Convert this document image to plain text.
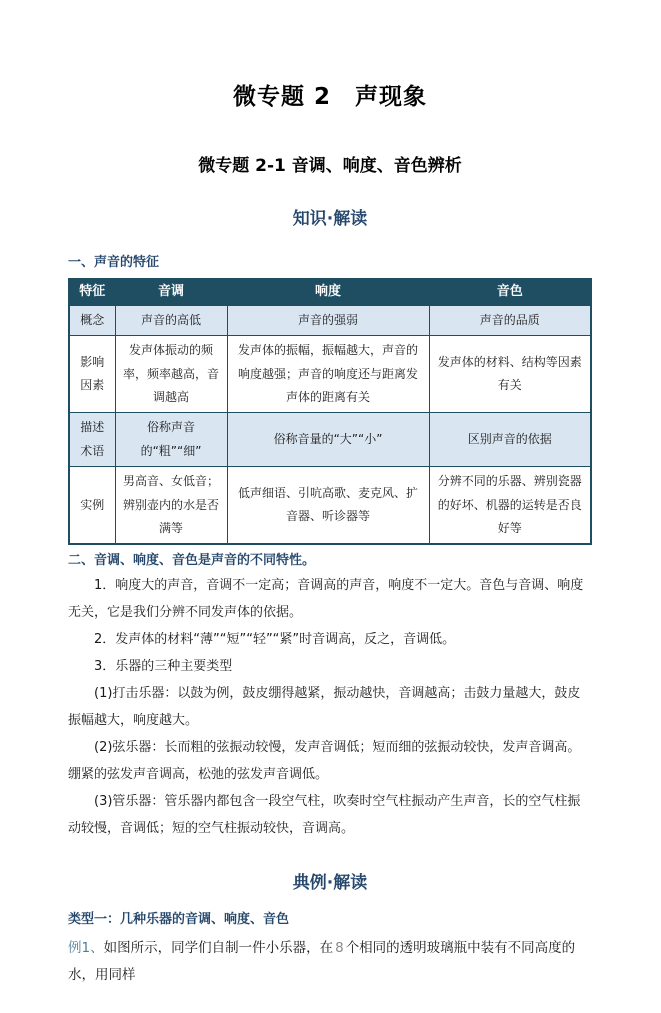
微专题 2　声现象
微专题 2-1 音调、响度、音色辨析
知识·解读
一、声音的特征
特征	音调	响度	音色
概念	声音的高低	声音的强弱	声音的品质
影响因素	发声体振动的频率，频率越高，音调越高	发声体的振幅，振幅越大，声音的响度越强；声音的响度还与距离发声体的距离有关	发声体的材料、结构等因素有关
描述术语	俗称声音的“粗”“细”	俗称音量的“大”“小”	区别声音的依据
实例	男高音、女低音；辨别壶内的水是否满等	低声细语、引吭高歌、麦克风、扩音器、听诊器等	分辨不同的乐器、辨别瓷器的好坏、机器的运转是否良好等
二、音调、响度、音色是声音的不同特性。

1．响度大的声音，音调不一定高；音调高的声音，响度不一定大。音色与音调、响度无关，它是我们分辨不同发声体的依据。

2．发声体的材料“薄”“短”“轻”“紧”时音调高，反之，音调低。

3．乐器的三种主要类型

(1)打击乐器：以鼓为例，鼓皮绷得越紧，振动越快，音调越高；击鼓力量越大，鼓皮振幅越大，响度越大。

(2)弦乐器：长而粗的弦振动较慢，发声音调低；短而细的弦振动较快，发声音调高。绷紧的弦发声音调高，松弛的弦发声音调低。

(3)管乐器：管乐器内都包含一段空气柱，吹奏时空气柱振动产生声音，长的空气柱振动较慢，音调低；短的空气柱振动较快，音调高。

典例·解读
类型一：几种乐器的音调、响度、音色

例1、如图所示，同学们自制一件小乐器，在 8 个相同的透明玻璃瓶中装有不同高度的水，用同样
